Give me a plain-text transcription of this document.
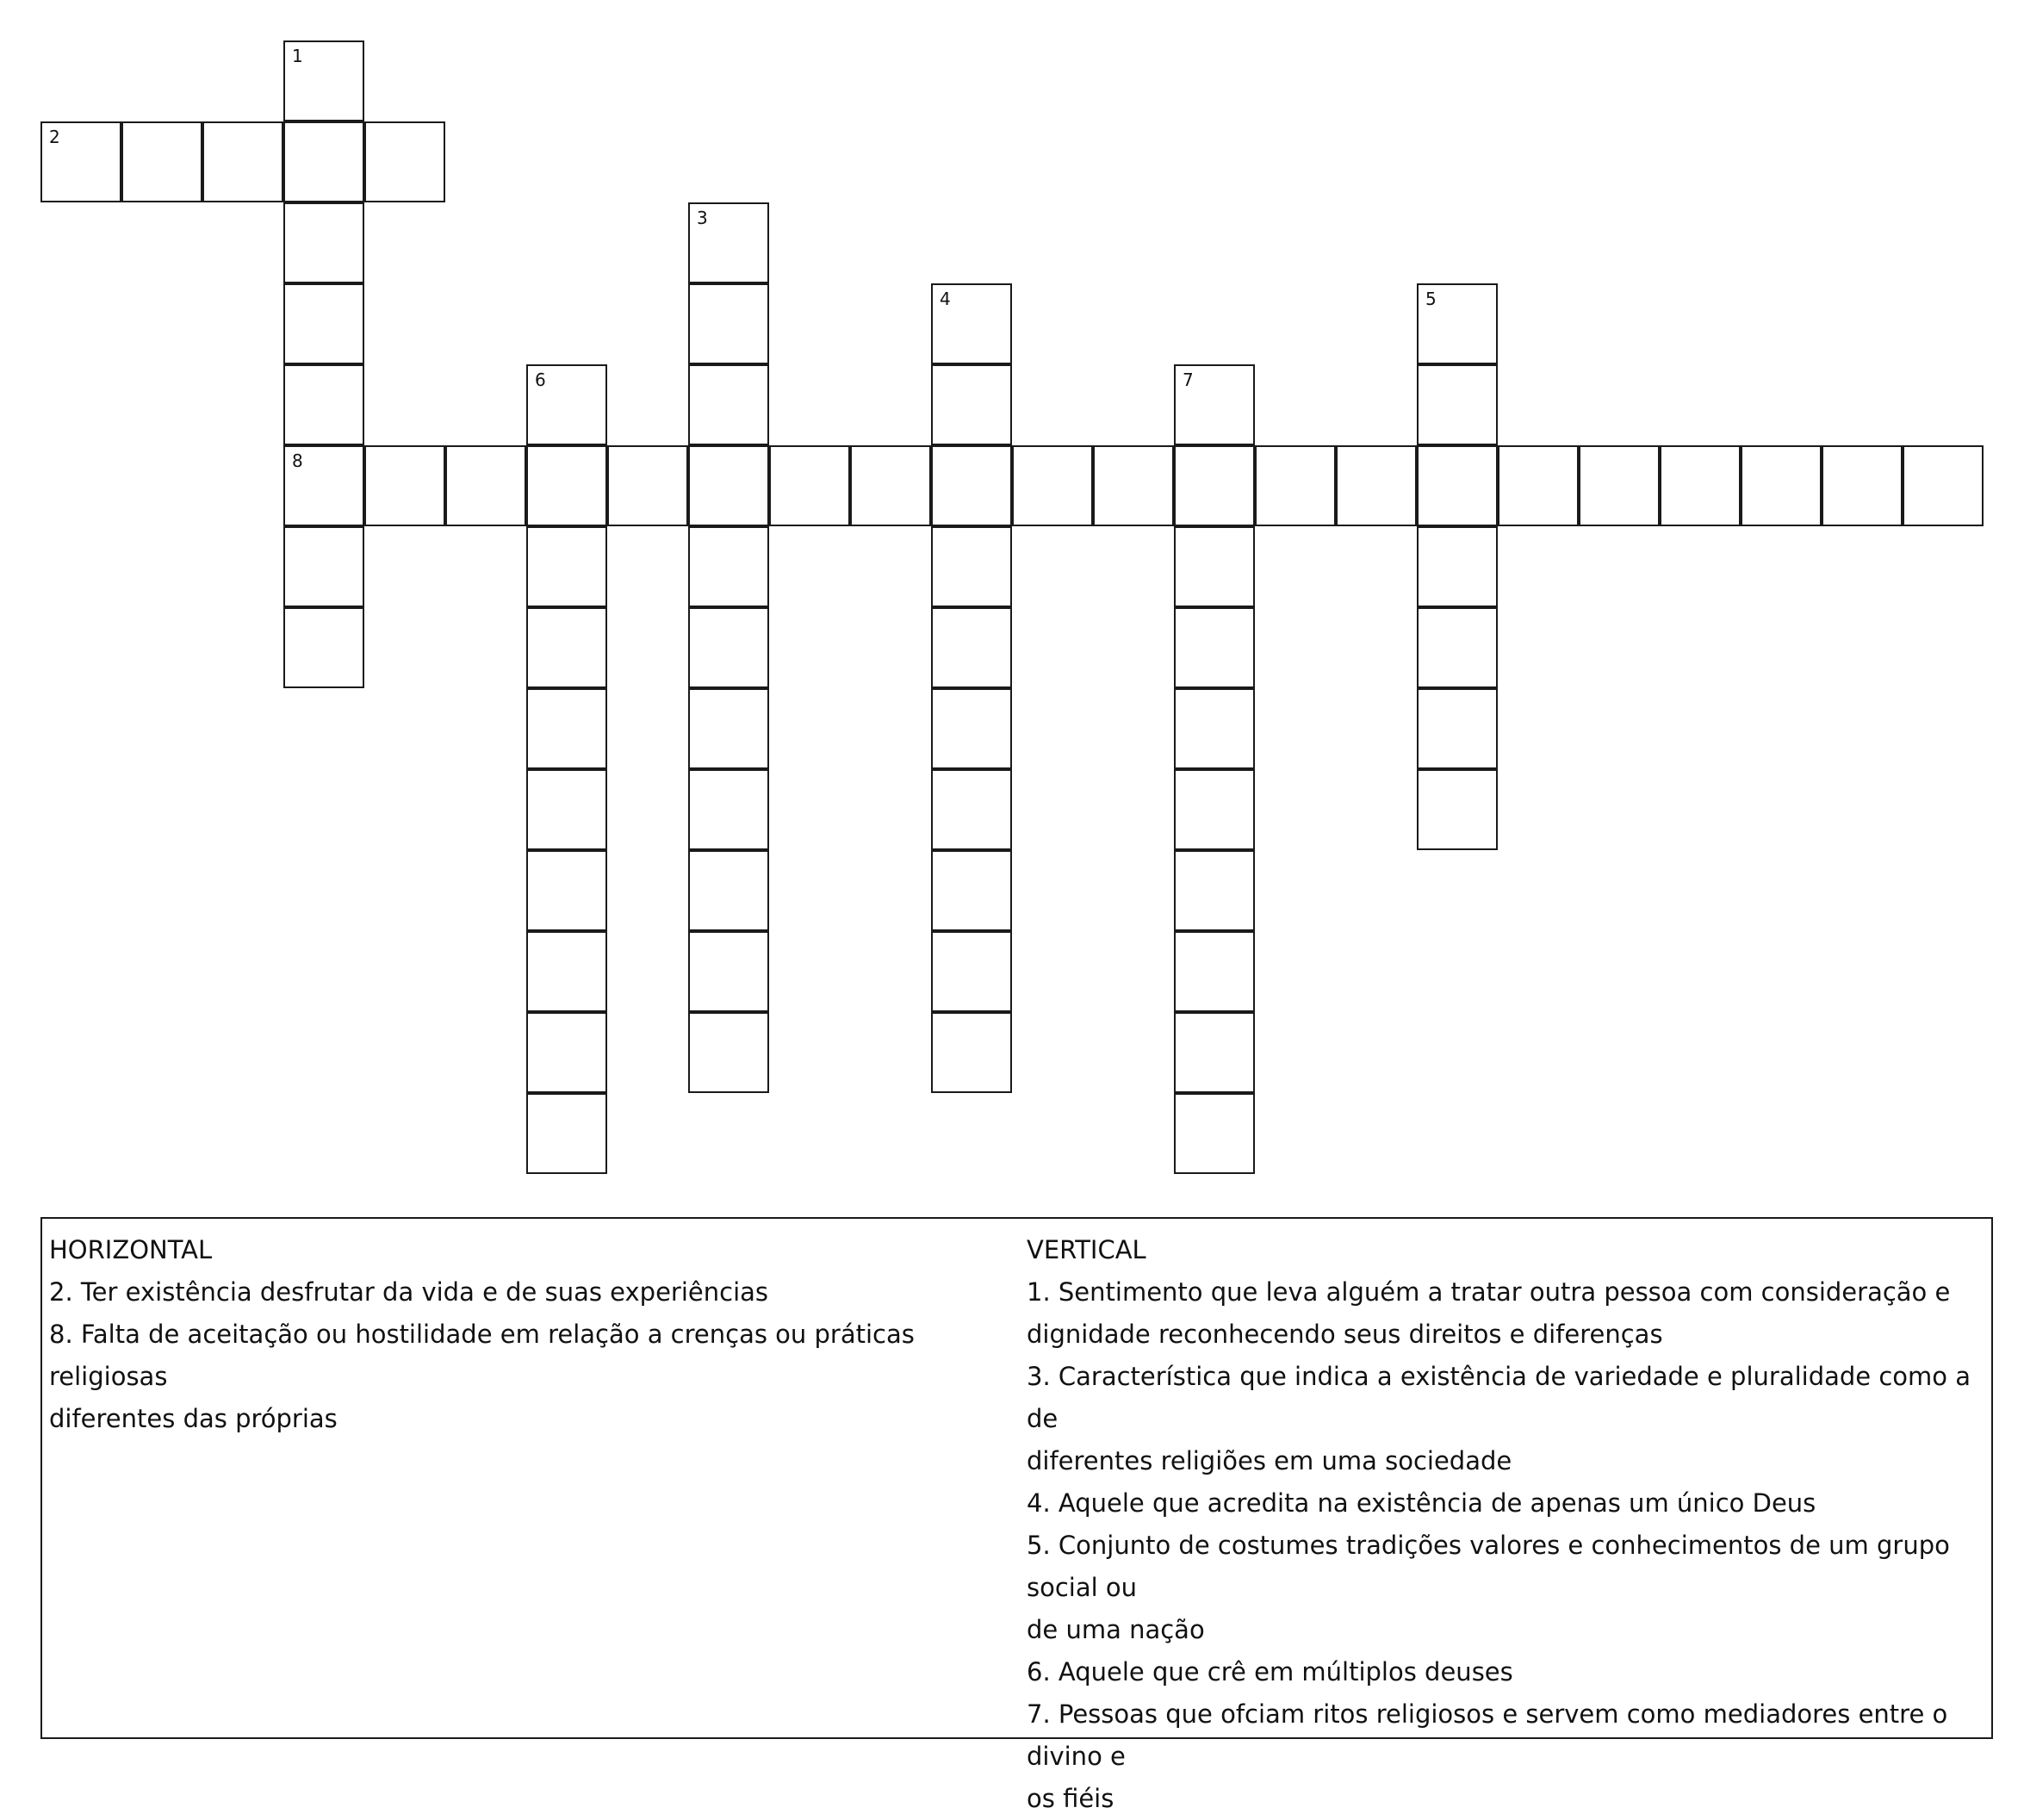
1
8
2
3
4	5
6	7
HORIZONTAL
2. Ter existência desfrutar da vida e de suas experiências
8. Falta de aceitação ou hostilidade em relação a crenças ou práticas religiosas
diferentes das próprias
VERTICAL
1. Sentimento que leva alguém a tratar outra pessoa com consideração e
dignidade reconhecendo seus direitos e diferenças
3. Característica que indica a existência de variedade e pluralidade como a de
diferentes religiões em uma sociedade
4. Aquele que acredita na existência de apenas um único Deus
5. Conjunto de costumes tradições valores e conhecimentos de um grupo social ou
de uma nação
6. Aquele que crê em múltiplos deuses
7. Pessoas que ofciam ritos religiosos e servem como mediadores entre o divino e
os fiéis
